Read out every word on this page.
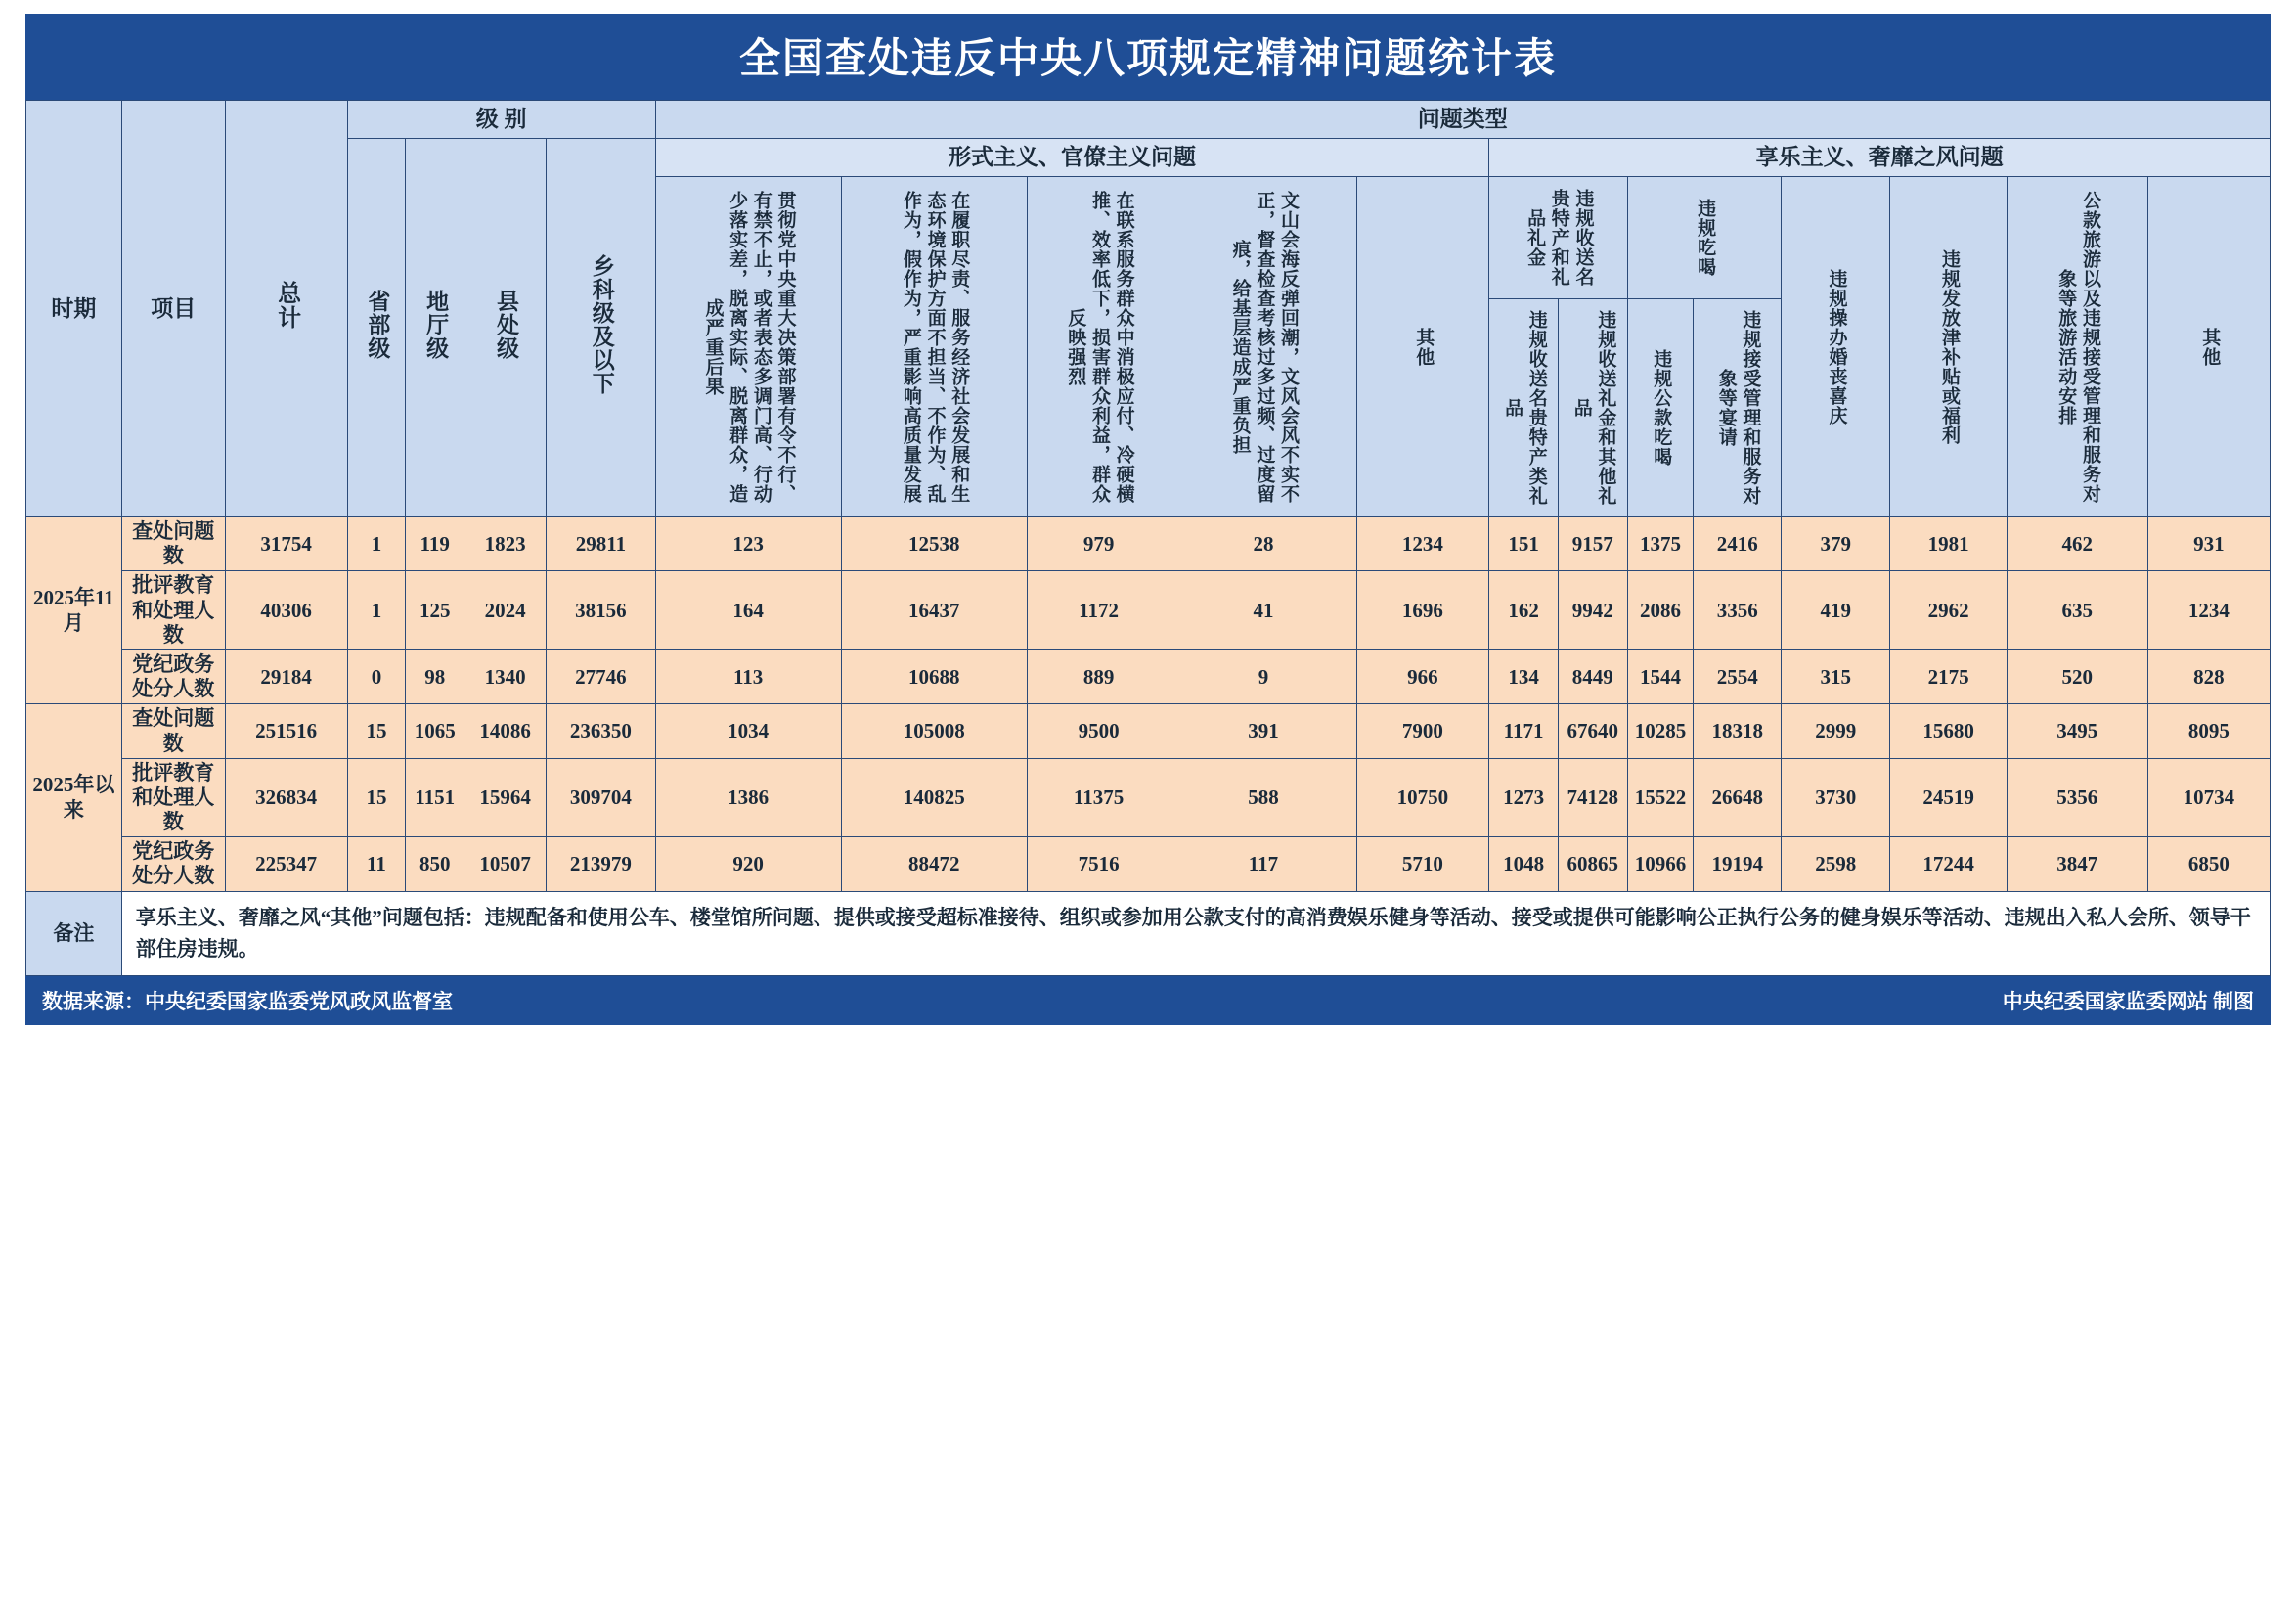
全国查处违反中央八项规定精神问题统计表
时期	项目	总计	级 别				问题类型												
			省部级	地厅级	县处级	乡科级及以下	形式主义、官僚主义问题					享乐主义、奢靡之风问题							

							贯彻党中央重大决策部署有令不行、有禁不止，或者表态多调门高、行动少落实差，脱离实际、脱离群众，造成严重后果	在履职尽责、服务经济社会发展和生态环境保护方面不担当、不作为、乱作为，假作为，严重影响高质量发展	在联系服务群众中消极应付、冷硬横推、效率低下，损害群众利益，群众反映强烈	文山会海反弹回潮，文风会风不实不正，督查检查考核过多过频、过度留痕，给基层造成严重负担	其他	违规收送名贵特产和礼品礼金		违规吃喝		违规操办婚丧喜庆	违规发放津补贴或福利	公款旅游以及违规接受管理和服务对象等旅游活动安排	其他

												违规收送名贵特产类礼品	违规收送礼金和其他礼品	违规公款吃喝	违规接受管理和服务对象等宴请				

2025年11月	查处问题数	31754	1	119	1823	29811	123	12538	979	28	1234	151	9157	1375	2416	379	1981	462	931
	批评教育和处理人数	40306	1	125	2024	38156	164	16437	1172	41	1696	162	9942	2086	3356	419	2962	635	1234
	党纪政务处分人数	29184	0	98	1340	27746	113	10688	889	9	966	134	8449	1544	2554	315	2175	520	828
2025年以来	查处问题数	251516	15	1065	14086	236350	1034	105008	9500	391	7900	1171	67640	10285	18318	2999	15680	3495	8095
	批评教育和处理人数	326834	15	1151	15964	309704	1386	140825	11375	588	10750	1273	74128	15522	26648	3730	24519	5356	10734
	党纪政务处分人数	225347	11	850	10507	213979	920	88472	7516	117	5710	1048	60865	10966	19194	2598	17244	3847	6850
备注	享乐主义、奢靡之风“其他”问题包括：违规配备和使用公车、楼堂馆所问题、提供或接受超标准接待、组织或参加用公款支付的高消费娱乐健身等活动、接受或提供可能影响公正执行公务的健身娱乐等活动、违规出入私人会所、领导干部住房违规。																		
数据来源：中央纪委国家监委党风政风监督室	中央纪委国家监委网站 制图
